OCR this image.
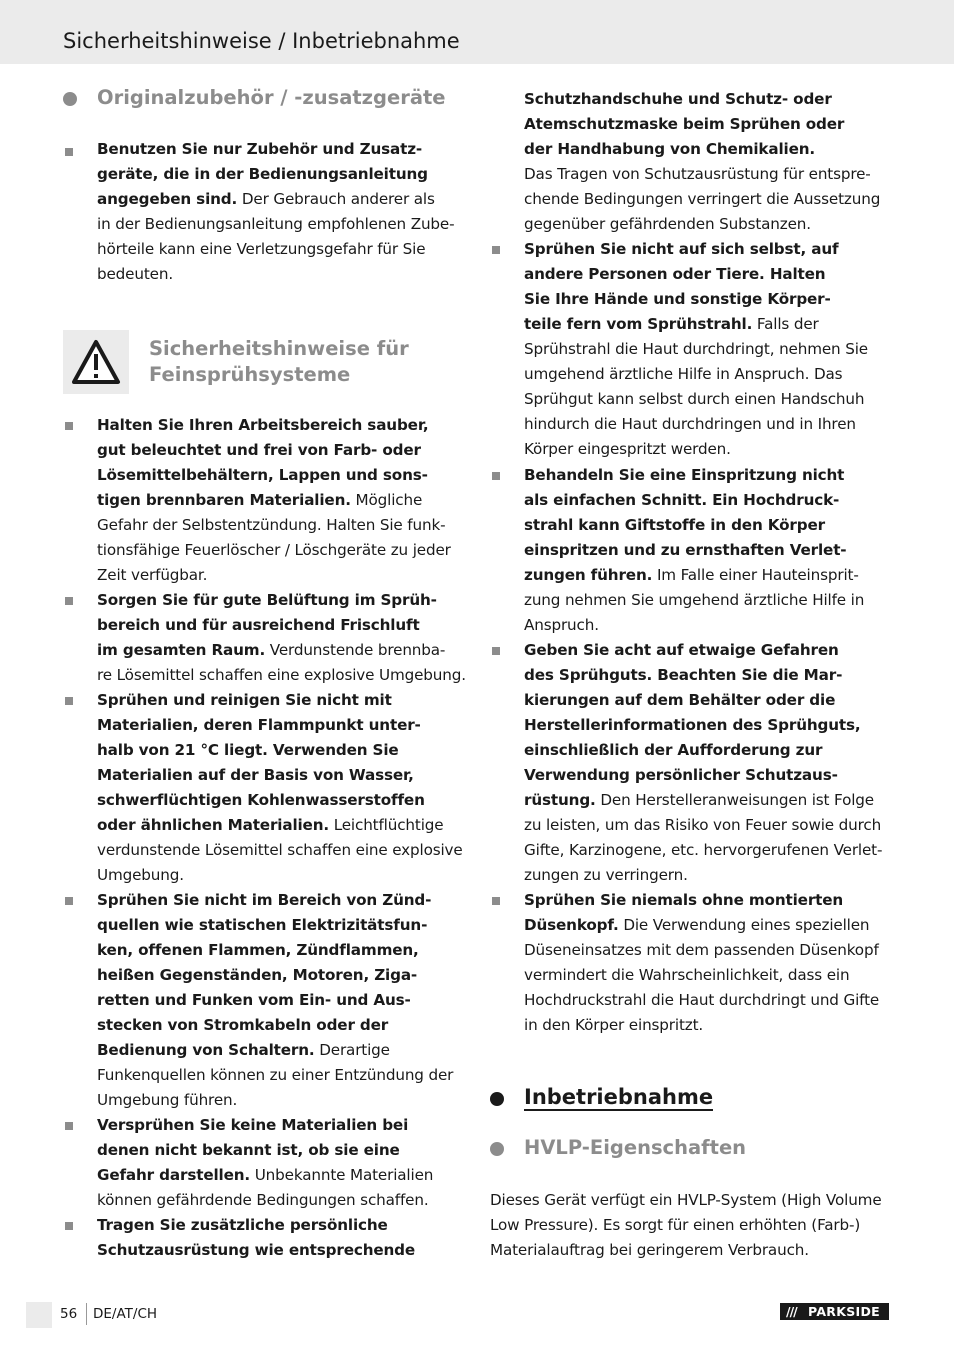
Sicherheitshinweise / Inbetriebnahme
Originalzubehör / -zusatzgeräte
Benutzen Sie nur Zubehör und Zusatz-
geräte, die in der Bedienungsanleitung
angegeben sind. Der Gebrauch anderer als
in der Bedienungsanleitung empfohlenen Zube-
hörteile kann eine Verletzungsgefahr für Sie
bedeuten.
Sicherheitshinweise für
Feinsprühsysteme
Halten Sie Ihren Arbeitsbereich sauber,
gut beleuchtet und frei von Farb- oder
Lösemittelbehältern, Lappen und sons-
tigen brennbaren Materialien. Mögliche
Gefahr der Selbstentzündung. Halten Sie funk-
tionsfähige Feuerlöscher / Löschgeräte zu jeder
Zeit verfügbar.
Sorgen Sie für gute Belüftung im Sprüh-
bereich und für ausreichend Frischluft
im gesamten Raum. Verdunstende brennba-
re Lösemittel schaffen eine explosive Umgebung.
Sprühen und reinigen Sie nicht mit
Materialien, deren Flammpunkt unter-
halb von 21 °C liegt. Verwenden Sie
Materialien auf der Basis von Wasser,
schwerflüchtigen Kohlenwasserstoffen
oder ähnlichen Materialien. Leichtflüchtige
verdunstende Lösemittel schaffen eine explosive
Umgebung.
Sprühen Sie nicht im Bereich von Zünd-
quellen wie statischen Elektrizitätsfun-
ken, offenen Flammen, Zündflammen,
heißen Gegenständen, Motoren, Ziga-
retten und Funken vom Ein- und Aus-
stecken von Stromkabeln oder der
Bedienung von Schaltern. Derartige
Funkenquellen können zu einer Entzündung der
Umgebung führen.
Versprühen Sie keine Materialien bei
denen nicht bekannt ist, ob sie eine
Gefahr darstellen. Unbekannte Materialien
können gefährdende Bedingungen schaffen.
Tragen Sie zusätzliche persönliche
Schutzausrüstung wie entsprechende
Schutzhandschuhe und Schutz- oder
Atemschutzmaske beim Sprühen oder
der Handhabung von Chemikalien.
Das Tragen von Schutzausrüstung für entspre-
chende Bedingungen verringert die Aussetzung
gegenüber gefährdenden Substanzen.
Sprühen Sie nicht auf sich selbst, auf
andere Personen oder Tiere. Halten
Sie Ihre Hände und sonstige Körper-
teile fern vom Sprühstrahl. Falls der
Sprühstrahl die Haut durchdringt, nehmen Sie
umgehend ärztliche Hilfe in Anspruch. Das
Sprühgut kann selbst durch einen Handschuh
hindurch die Haut durchdringen und in Ihren
Körper eingespritzt werden.
Behandeln Sie eine Einspritzung nicht
als einfachen Schnitt. Ein Hochdruck-
strahl kann Giftstoffe in den Körper
einspritzen und zu ernsthaften Verlet-
zungen führen. Im Falle einer Hauteinsprit-
zung nehmen Sie umgehend ärztliche Hilfe in
Anspruch.
Geben Sie acht auf etwaige Gefahren
des Sprühguts. Beachten Sie die Mar-
kierungen auf dem Behälter oder die
Herstellerinformationen des Sprühguts,
einschließlich der Aufforderung zur
Verwendung persönlicher Schutzaus-
rüstung. Den Herstelleranweisungen ist Folge
zu leisten, um das Risiko von Feuer sowie durch
Gifte, Karzinogene, etc. hervorgerufenen Verlet-
zungen zu verringern.
Sprühen Sie niemals ohne montierten
Düsenkopf. Die Verwendung eines speziellen
Düseneinsatzes mit dem passenden Düsenkopf
vermindert die Wahrscheinlichkeit, dass ein
Hochdruckstrahl die Haut durchdringt und Gifte
in den Körper einspritzt.
Inbetriebnahme
HVLP-Eigenschaften
Dieses Gerät verfügt ein HVLP-System (High Volume
Low Pressure). Es sorgt für einen erhöhten (Farb-)
Materialauftrag bei geringerem Verbrauch.
56 DE/AT/CH	/// PARKSIDE
